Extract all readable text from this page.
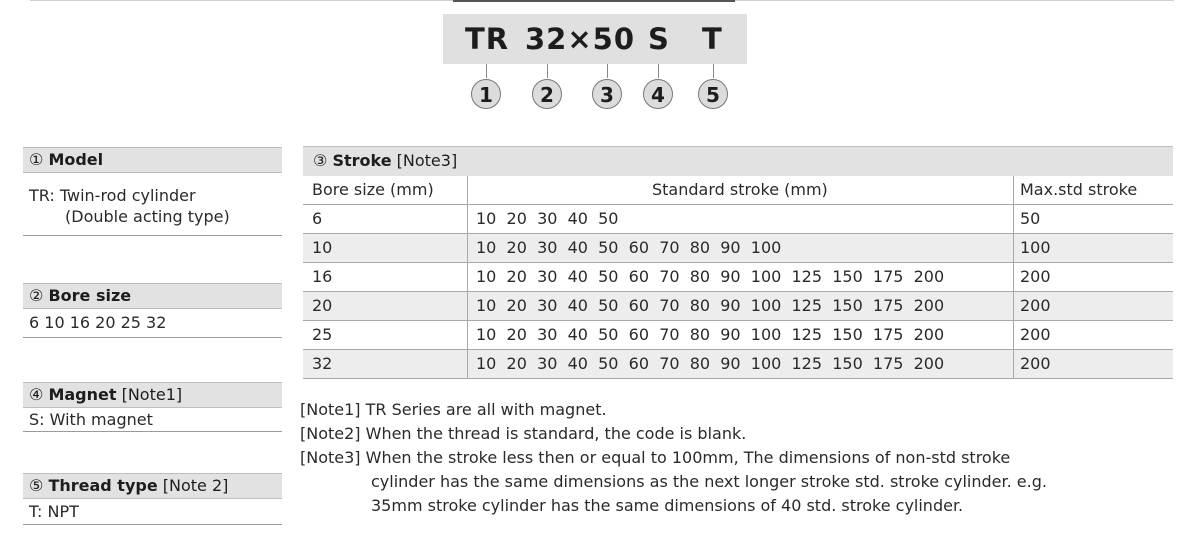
TR 32×50 S T
1	2	3	4	5
① Model
TR: Twin-rod cylinder
(Double acting type)
② Bore size
6 10 16 20 25 32
④ Magnet [Note1]
S: With magnet
⑤ Thread type [Note 2]
T: NPT
③ Stroke [Note3]
Bore size (mm)	Standard stroke (mm)	Max.std stroke
6	10  20  30  40  50	50
10	10  20  30  40  50  60  70  80  90  100	100
16	10  20  30  40  50  60  70  80  90  100  125  150  175  200	200
20	10  20  30  40  50  60  70  80  90  100  125  150  175  200	200
25	10  20  30  40  50  60  70  80  90  100  125  150  175  200	200
32	10  20  30  40  50  60  70  80  90  100  125  150  175  200	200
[Note1] TR Series are all with magnet.
[Note2] When the thread is standard, the code is blank.
[Note3] When the stroke less then or equal to 100mm, The dimensions of non-std stroke
cylinder has the same dimensions as the next longer stroke std. stroke cylinder. e.g.
35mm stroke cylinder has the same dimensions of 40 std. stroke cylinder.
